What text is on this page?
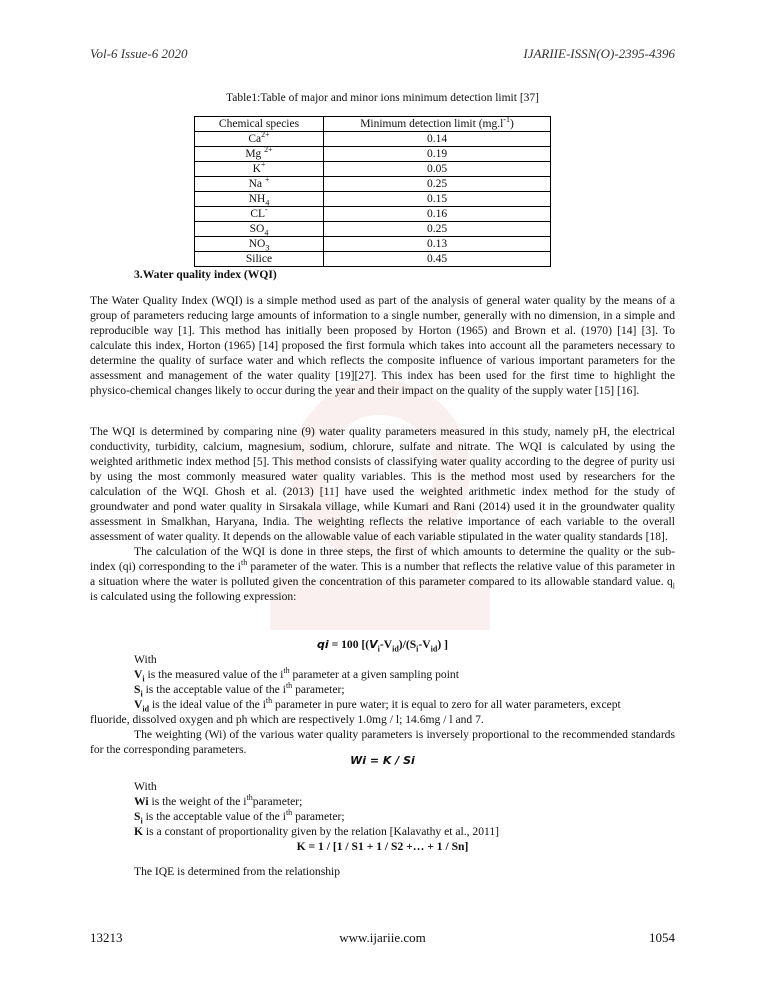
Vol-6 Issue-6 2020	IJARIIE-ISSN(O)-2395-4396
Table1:Table of major and minor ions minimum detection limit [37]
Chemical species	Minimum detection limit $(mg.l^{-1})$
$Ca^{2+}$	0.14
Mg $^{2+}$	0.19
K+	0.05
Na +	0.25
$NH_4$	0.15
CL-	0.16
$SO_4$	0.25
$NO_3$	0.13
Silice	0.45
3.Water quality index (WQI)

The Water Quality Index (WQI) is a simple method used as part of the analysis of general water quality by the means of a group of parameters reducing large amounts of information to a single number, generally with no dimension, in a simple and reproducible way [1]. This method has initially been proposed by Horton (1965) and Brown et al. (1970) [14] [3]. To calculate this index, Horton (1965) [14] proposed the first formula which takes into account all the parameters necessary to determine the quality of surface water and which reflects the composite influence of various important parameters for the assessment and management of the water quality [19][27]. This index has been used for the first time to highlight the physico-chemical changes likely to occur during the year and their impact on the quality of the supply water [15] [16].

The WQI is determined by comparing nine (9) water quality parameters measured in this study, namely pH, the electrical conductivity, turbidity, calcium, magnesium, sodium, chlorure, sulfate and nitrate. The WQI is calculated by using the weighted arithmetic index method [5]. This method consists of classifying water quality according to the degree of purity usi by using the most commonly measured water quality variables. This is the method most used by researchers for the calculation of the WQI. Ghosh et al. (2013) [11] have used the weighted arithmetic index method for the study of groundwater and pond water quality in Sirsakala village, while Kumari and Rani (2014) used it in the groundwater quality assessment in Smalkhan, Haryana, India. The weighting reflects the relative importance of each variable to the overall assessment of water quality. It depends on the allowable value of each variable stipulated in the water quality standards [18].

The calculation of the WQI is done in three steps, the first of which amounts to determine the quality or the sub-index (qi) corresponding to the $i^{th}$ parameter of the water. This is a number that reflects the relative value of this parameter in a situation where the water is polluted given the concentration of this parameter compared to its allowable standard value. $q_i$ is calculated using the following expression:

qi = 100 [$(V_i-V_{id})/(S_i-V_{id})$ ]

With

$V_i$ is the measured value of the $i^{th}$ parameter at a given sampling point

$S_i$ is the acceptable value of the $i^{th}$ parameter;

$V_{id}$ is the ideal value of the $i^{th}$ parameter in pure water; it is equal to zero for all water parameters, except

fluoride, dissolved oxygen and ph which are respectively 1.0mg / l; 14.6mg / l and 7.

The weighting (Wi) of the various water quality parameters is inversely proportional to the recommended standards for the corresponding parameters.

Wi = K / Si

With

Wi is the weight of the $i^{th}parameter$;

$S_i$ is the acceptable value of the $i^{th}$ parameter;

K is a constant of proportionality given by the relation [Kalavathy et al., 2011]

K = 1 / [1 / S1 + 1 / S2 +… + 1 / Sn]

The IQE is determined from the relationship

13213	www.ijariie.com	1054
